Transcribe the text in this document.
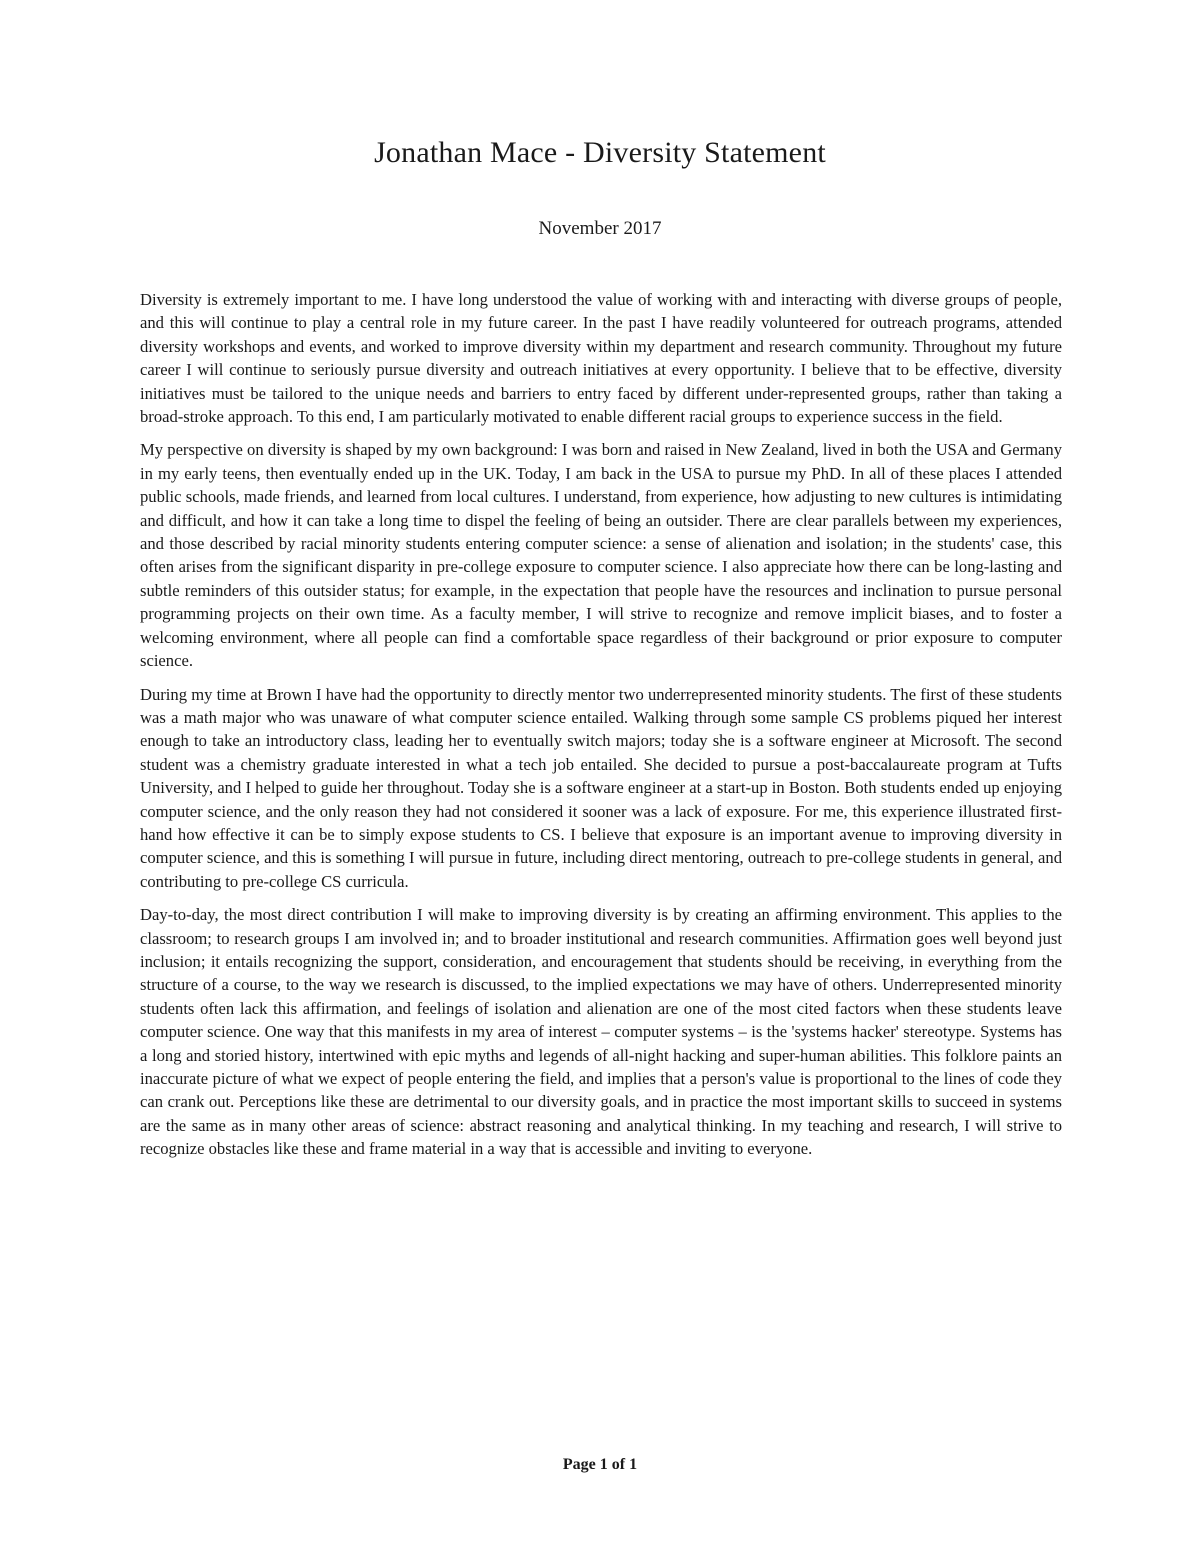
Jonathan Mace - Diversity Statement
November 2017

Diversity is extremely important to me. I have long understood the value of working with and interacting with diverse groups of people, and this will continue to play a central role in my future career. In the past I have readily volunteered for outreach programs, attended diversity workshops and events, and worked to improve diversity within my department and research community. Throughout my future career I will continue to seriously pursue diversity and outreach initiatives at every opportunity. I believe that to be effective, diversity initiatives must be tailored to the unique needs and barriers to entry faced by different under-represented groups, rather than taking a broad-stroke approach. To this end, I am particularly motivated to enable different racial groups to experience success in the field.

My perspective on diversity is shaped by my own background: I was born and raised in New Zealand, lived in both the USA and Germany in my early teens, then eventually ended up in the UK. Today, I am back in the USA to pursue my PhD. In all of these places I attended public schools, made friends, and learned from local cultures. I understand, from experience, how adjusting to new cultures is intimidating and difficult, and how it can take a long time to dispel the feeling of being an outsider. There are clear parallels between my experiences, and those described by racial minority students entering computer science: a sense of alienation and isolation; in the students' case, this often arises from the significant disparity in pre-college exposure to computer science. I also appreciate how there can be long-lasting and subtle reminders of this outsider status; for example, in the expectation that people have the resources and inclination to pursue personal programming projects on their own time. As a faculty member, I will strive to recognize and remove implicit biases, and to foster a welcoming environment, where all people can find a comfortable space regardless of their background or prior exposure to computer science.

During my time at Brown I have had the opportunity to directly mentor two underrepresented minority students. The first of these students was a math major who was unaware of what computer science entailed. Walking through some sample CS problems piqued her interest enough to take an introductory class, leading her to eventually switch majors; today she is a software engineer at Microsoft. The second student was a chemistry graduate interested in what a tech job entailed. She decided to pursue a post-baccalaureate program at Tufts University, and I helped to guide her throughout. Today she is a software engineer at a start-up in Boston. Both students ended up enjoying computer science, and the only reason they had not considered it sooner was a lack of exposure. For me, this experience illustrated first-hand how effective it can be to simply expose students to CS. I believe that exposure is an important avenue to improving diversity in computer science, and this is something I will pursue in future, including direct mentoring, outreach to pre-college students in general, and contributing to pre-college CS curricula.

Day-to-day, the most direct contribution I will make to improving diversity is by creating an affirming environment. This applies to the classroom; to research groups I am involved in; and to broader institutional and research communities. Affirmation goes well beyond just inclusion; it entails recognizing the support, consideration, and encouragement that students should be receiving, in everything from the structure of a course, to the way we research is discussed, to the implied expectations we may have of others. Underrepresented minority students often lack this affirmation, and feelings of isolation and alienation are one of the most cited factors when these students leave computer science. One way that this manifests in my area of interest – computer systems – is the 'systems hacker' stereotype. Systems has a long and storied history, intertwined with epic myths and legends of all-night hacking and super-human abilities. This folklore paints an inaccurate picture of what we expect of people entering the field, and implies that a person's value is proportional to the lines of code they can crank out. Perceptions like these are detrimental to our diversity goals, and in practice the most important skills to succeed in systems are the same as in many other areas of science: abstract reasoning and analytical thinking. In my teaching and research, I will strive to recognize obstacles like these and frame material in a way that is accessible and inviting to everyone.

Page 1 of 1
